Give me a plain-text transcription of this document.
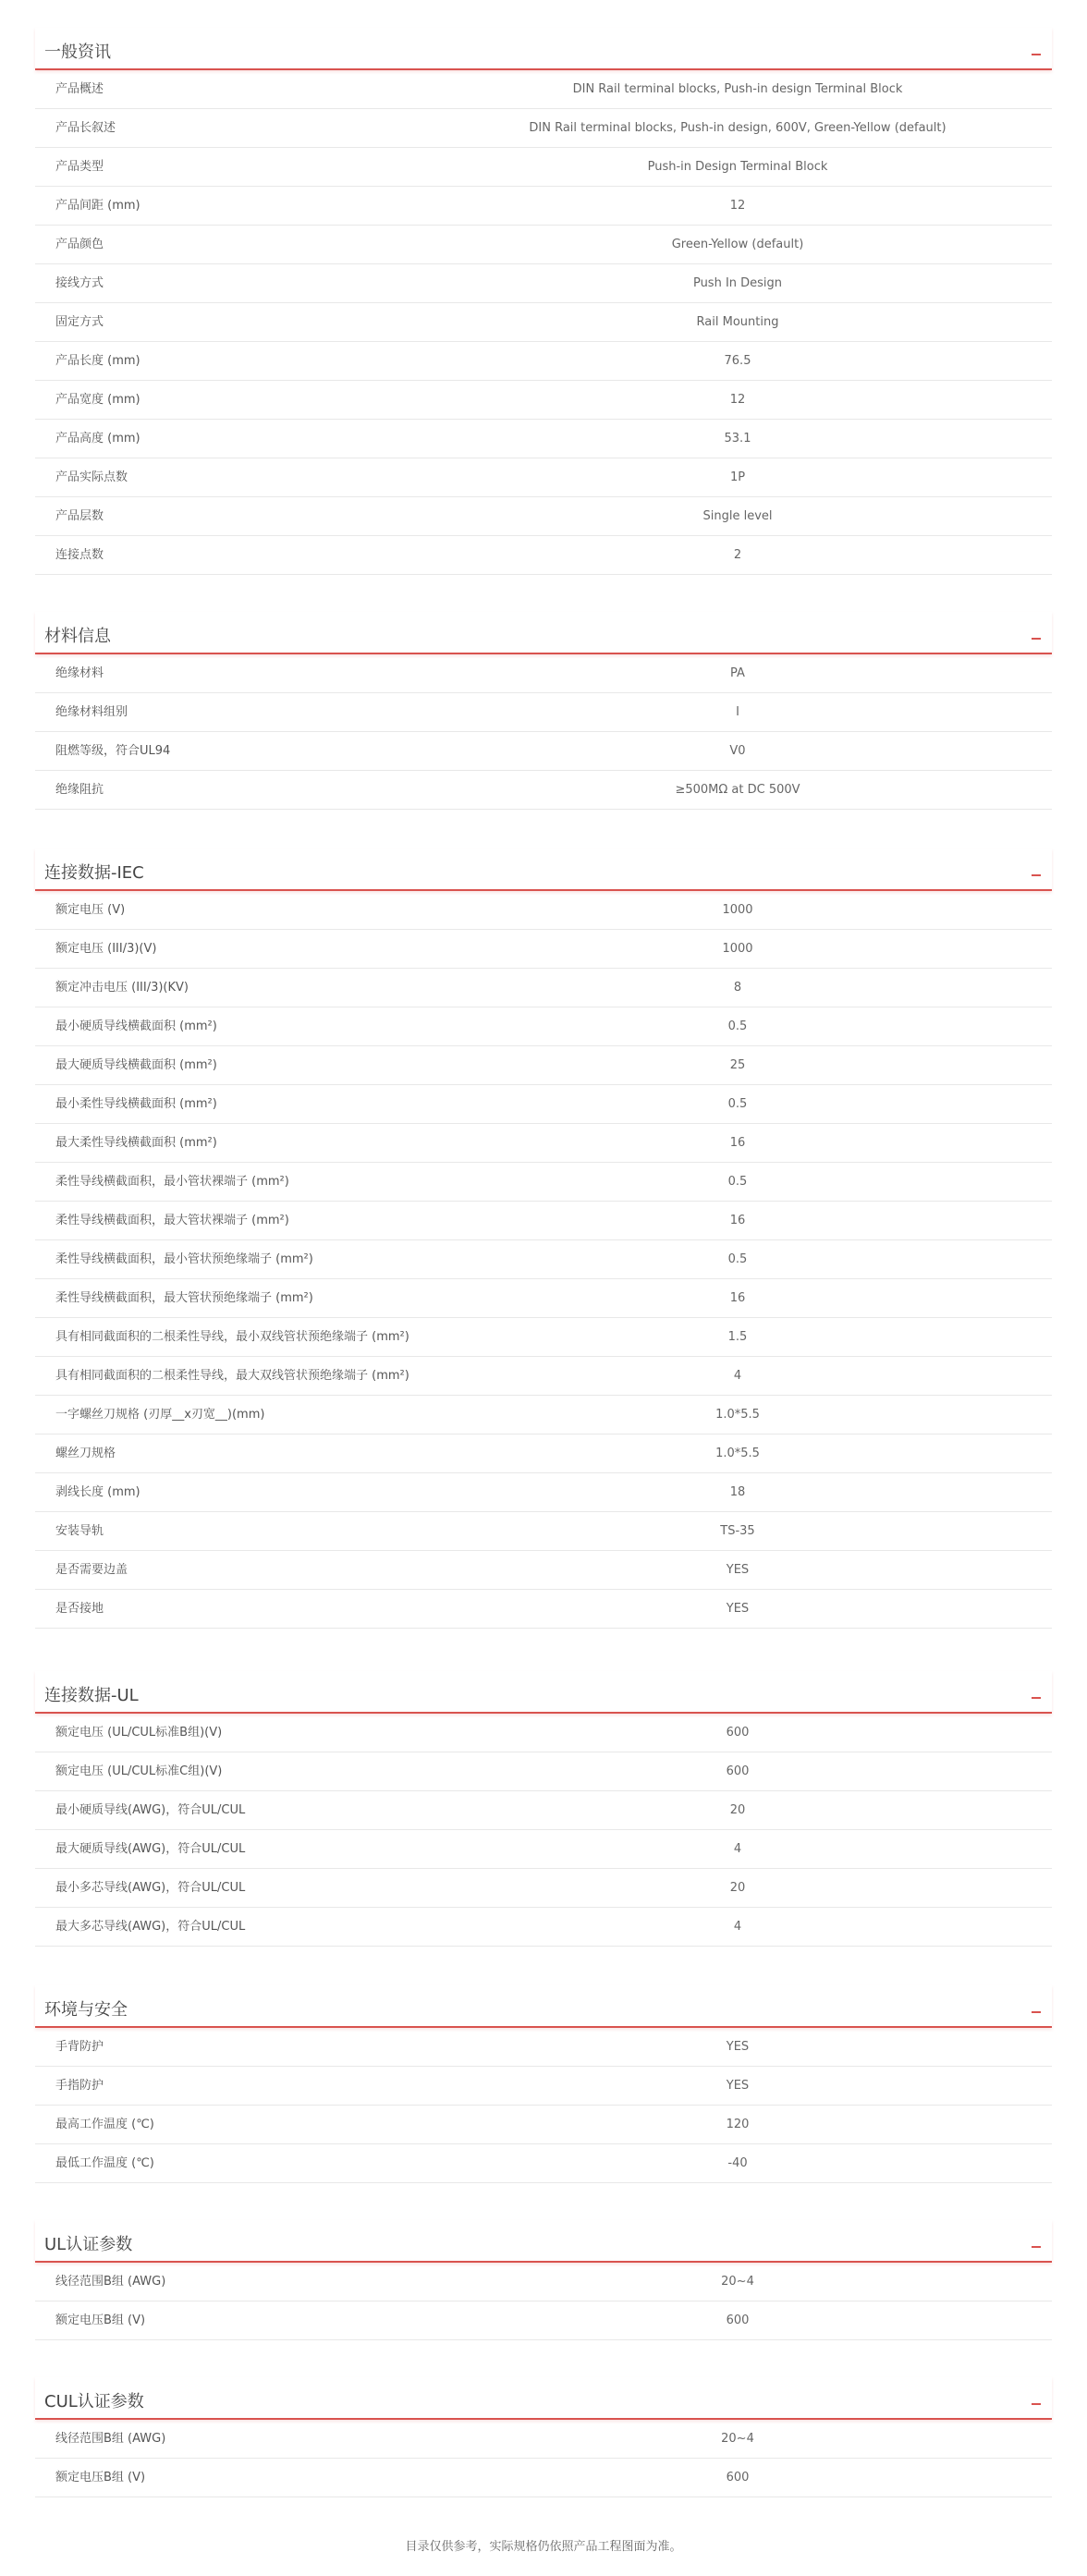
一般资讯
产品概述	DIN Rail terminal blocks, Push-in design Terminal Block
产品长叙述	DIN Rail terminal blocks, Push-in design, 600V, Green-Yellow (default)
产品类型	Push-in Design Terminal Block
产品间距 (mm)	12
产品颜色	Green-Yellow (default)
接线方式	Push In Design
固定方式	Rail Mounting
产品长度 (mm)	76.5
产品宽度 (mm)	12
产品高度 (mm)	53.1
产品实际点数	1P
产品层数	Single level
连接点数	2
材料信息
绝缘材料	PA
绝缘材料组别	I
阻燃等级，符合UL94	V0
绝缘阻抗	≥500MΩ at DC 500V
连接数据-IEC
额定电压 (V)	1000
额定电压 (III/3)(V)	1000
额定冲击电压 (III/3)(KV)	8
最小硬质导线横截面积 (mm²)	0.5
最大硬质导线横截面积 (mm²)	25
最小柔性导线横截面积 (mm²)	0.5
最大柔性导线横截面积 (mm²)	16
柔性导线横截面积，最小管状裸端子 (mm²)	0.5
柔性导线横截面积，最大管状裸端子 (mm²)	16
柔性导线横截面积，最小管状预绝缘端子 (mm²)	0.5
柔性导线横截面积，最大管状预绝缘端子 (mm²)	16
具有相同截面积的二根柔性导线，最小双线管状预绝缘端子 (mm²)	1.5
具有相同截面积的二根柔性导线，最大双线管状预绝缘端子 (mm²)	4
一字螺丝刀规格 (刃厚__x刃宽__)(mm)	1.0*5.5
螺丝刀规格	1.0*5.5
剥线长度 (mm)	18
安装导轨	TS-35
是否需要边盖	YES
是否接地	YES
连接数据-UL
额定电压 (UL/CUL标准B组)(V)	600
额定电压 (UL/CUL标准C组)(V)	600
最小硬质导线(AWG)，符合UL/CUL	20
最大硬质导线(AWG)，符合UL/CUL	4
最小多芯导线(AWG)，符合UL/CUL	20
最大多芯导线(AWG)，符合UL/CUL	4
环境与安全
手背防护	YES
手指防护	YES
最高工作温度 (℃)	120
最低工作温度 (℃)	-40
UL认证参数
线径范围B组 (AWG)	20~4
额定电压B组 (V)	600
CUL认证参数
线径范围B组 (AWG)	20~4
额定电压B组 (V)	600
目录仅供参考，实际规格仍依照产品工程图面为准。
